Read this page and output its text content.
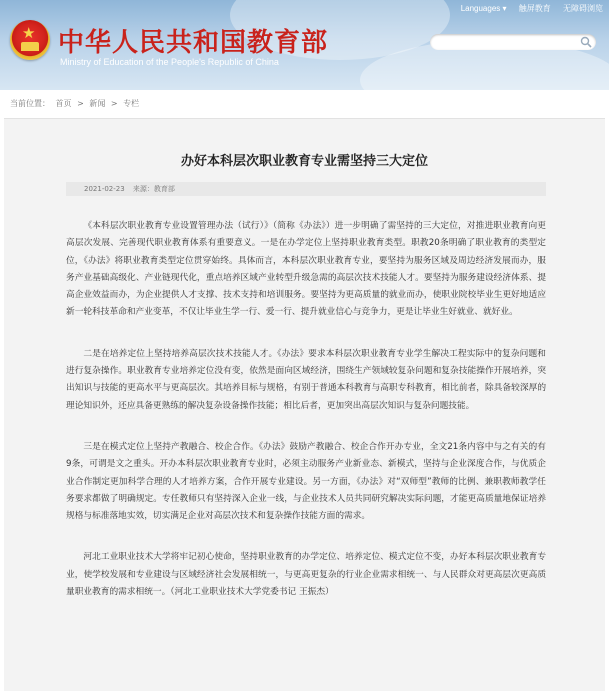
★ 中华人民共和国教育部
Ministry of Education of the People's Republic of China
Languages ▾ 触屏教育 无障碍浏览
当前位置： 首页 > 新闻 > 专栏
办好本科层次职业教育专业需坚持三大定位
2021-02-23 来源：教育部

《本科层次职业教育专业设置管理办法（试行）》（简称《办法》）进一步明确了需坚持的三大定位，对推进职业教育向更高层次发展、完善现代职业教育体系有重要意义。一是在办学定位上坚持职业教育类型。职教20条明确了职业教育的类型定位，《办法》将职业教育类型定位贯穿始终。具体而言，本科层次职业教育专业，要坚持为服务区域及周边经济发展而办，服务产业基础高级化、产业链现代化，重点培养区域产业转型升级急需的高层次技术技能人才。要坚持为服务建设经济体系、提高企业效益而办，为企业提供人才支撑、技术支持和培训服务。要坚持为更高质量的就业而办，使职业院校毕业生更好地适应新一轮科技革命和产业变革，不仅让毕业生学一行、爱一行、提升就业信心与竞争力，更是让毕业生好就业、就好业。

二是在培养定位上坚持培养高层次技术技能人才。《办法》要求本科层次职业教育专业学生解决工程实际中的复杂问题和进行复杂操作。职业教育专业培养定位没有变，依然是面向区域经济，围绕生产领域较复杂问题和复杂技能操作开展培养，突出知识与技能的更高水平与更高层次。其培养目标与规格，有别于普通本科教育与高职专科教育，相比前者，除具备较深厚的理论知识外，还应具备更熟练的解决复杂设备操作技能；相比后者，更加突出高层次知识与复杂问题技能。

三是在模式定位上坚持产教融合、校企合作。《办法》鼓励产教融合、校企合作开办专业，全文21条内容中与之有关的有9条，可谓是文之重头。开办本科层次职业教育专业时，必须主动服务产业新业态、新模式，坚持与企业深度合作，与优质企业合作制定更加科学合理的人才培养方案，合作开展专业建设。另一方面，《办法》对“双师型”教师的比例、兼职教师教学任务要求都做了明确规定。专任教师只有坚持深入企业一线，与企业技术人员共同研究解决实际问题，才能更高质量地保证培养规格与标准落地实效，切实满足企业对高层次技术和复杂操作技能方面的需求。

河北工业职业技术大学将牢记初心使命，坚持职业教育的办学定位、培养定位、模式定位不变，办好本科层次职业教育专业，使学校发展和专业建设与区域经济社会发展相统一，与更高更复杂的行业企业需求相统一、与人民群众对更高层次更高质量职业教育的需求相统一。（河北工业职业技术大学党委书记 王振杰）
